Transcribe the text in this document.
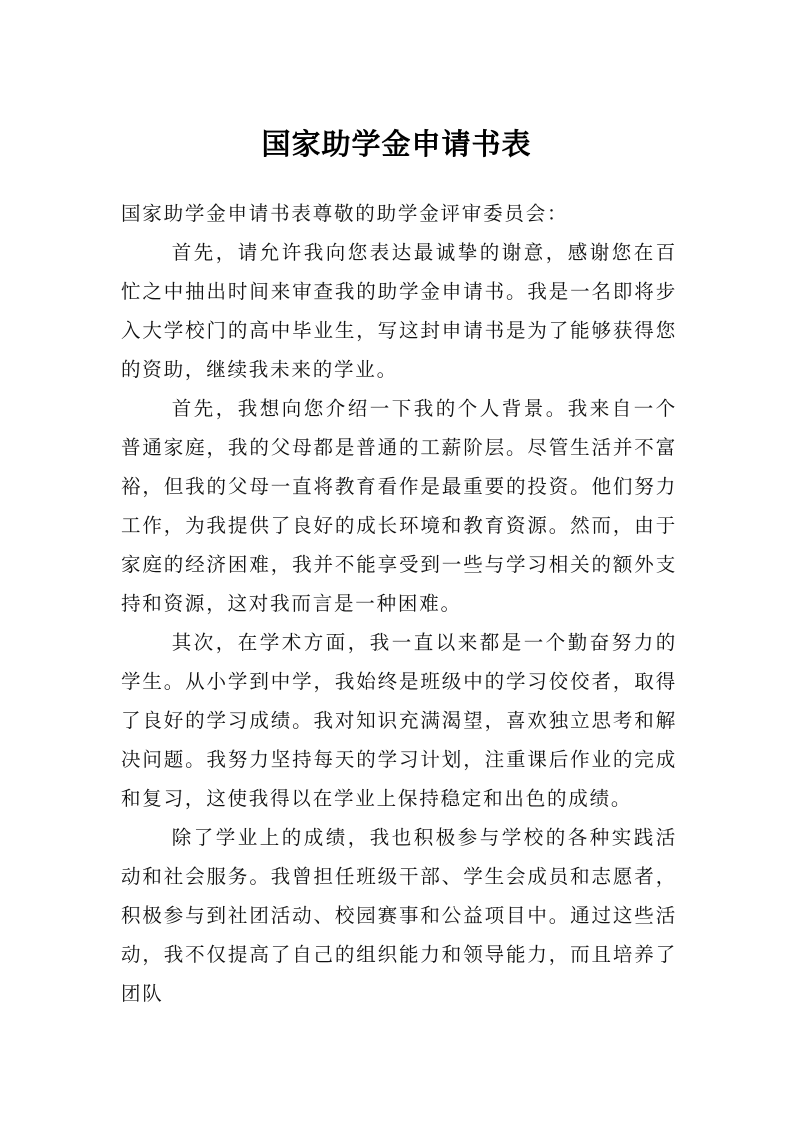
国家助学金申请书表

国家助学金申请书表尊敬的助学金评审委员会：

首先，请允许我向您表达最诚挚的谢意，感谢您在百忙之中抽出时间来审查我的助学金申请书。我是一名即将步入大学校门的高中毕业生，写这封申请书是为了能够获得您的资助，继续我未来的学业。

首先，我想向您介绍一下我的个人背景。我来自一个普通家庭，我的父母都是普通的工薪阶层。尽管生活并不富裕，但我的父母一直将教育看作是最重要的投资。他们努力工作，为我提供了良好的成长环境和教育资源。然而，由于家庭的经济困难，我并不能享受到一些与学习相关的额外支持和资源，这对我而言是一种困难。

其次，在学术方面，我一直以来都是一个勤奋努力的学生。从小学到中学，我始终是班级中的学习佼佼者，取得了良好的学习成绩。我对知识充满渴望，喜欢独立思考和解决问题。我努力坚持每天的学习计划，注重课后作业的完成和复习，这使我得以在学业上保持稳定和出色的成绩。

除了学业上的成绩，我也积极参与学校的各种实践活动和社会服务。我曾担任班级干部、学生会成员和志愿者，积极参与到社团活动、校园赛事和公益项目中。通过这些活动，我不仅提高了自己的组织能力和领导能力，而且培养了团队
